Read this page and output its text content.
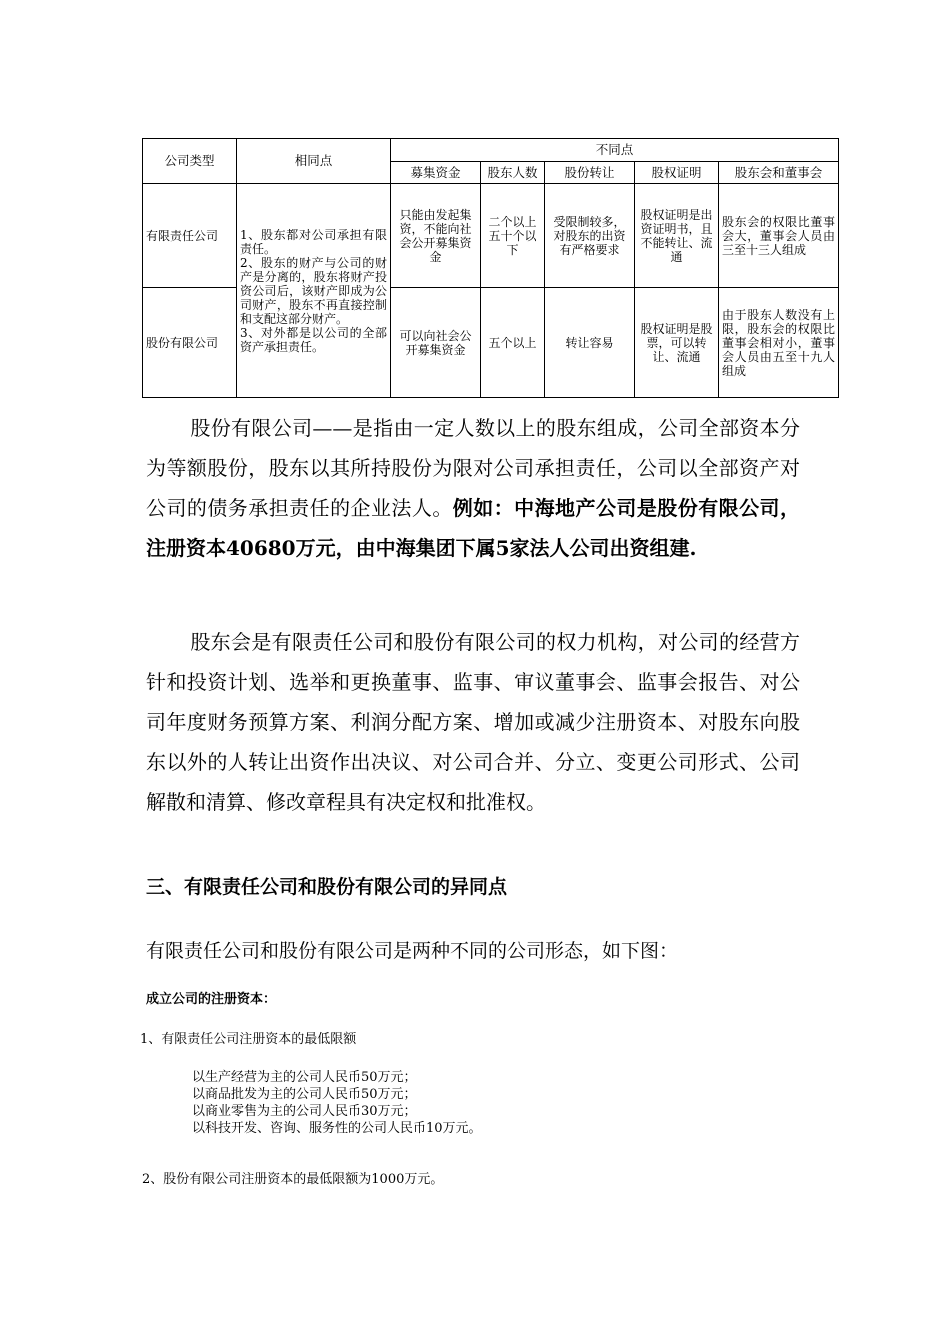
公司类型	相同点	不同点				
		募集资金	股东人数	股份转让	股权证明	股东会和董事会
有限责任公司	1、股东都对公司承担有限责任。
2、股东的财产与公司的财产是分离的，股东将财产投资公司后，该财产即成为公司财产，股东不再直接控制和支配这部分财产。
3、对外都是以公司的全部资产承担责任。	只能由发起集资，不能向社会公开募集资金	二个以上五十个以下	受限制较多，对股东的出资有严格要求	股权证明是出资证明书，且不能转让、流通	股东会的权限比董事会大，董事会人员由三至十三人组成
股份有限公司		可以向社会公开募集资金	五个以上	转让容易	股权证明是股票，可以转让、流通	由于股东人数没有上限，股东会的权限比董事会相对小，董事会人员由五至十九人组成

股份有限公司——是指由一定人数以上的股东组成，公司全部资本分为等额股份，股东以其所持股份为限对公司承担责任，公司以全部资产对公司的债务承担责任的企业法人。例如：中海地产公司是股份有限公司，注册资本40680万元，由中海集团下属5家法人公司出资组建.

股东会是有限责任公司和股份有限公司的权力机构，对公司的经营方针和投资计划、选举和更换董事、监事、审议董事会、监事会报告、对公司年度财务预算方案、利润分配方案、增加或减少注册资本、对股东向股东以外的人转让出资作出决议、对公司合并、分立、变更公司形式、公司解散和清算、修改章程具有决定权和批准权。

三、有限责任公司和股份有限公司的异同点

有限责任公司和股份有限公司是两种不同的公司形态，如下图：

成立公司的注册资本：

1、有限责任公司注册资本的最低限额

以生产经营为主的公司人民币50万元；
以商品批发为主的公司人民币50万元；
以商业零售为主的公司人民币30万元；
以科技开发、咨询、服务性的公司人民币10万元。

2、股份有限公司注册资本的最低限额为1000万元。
